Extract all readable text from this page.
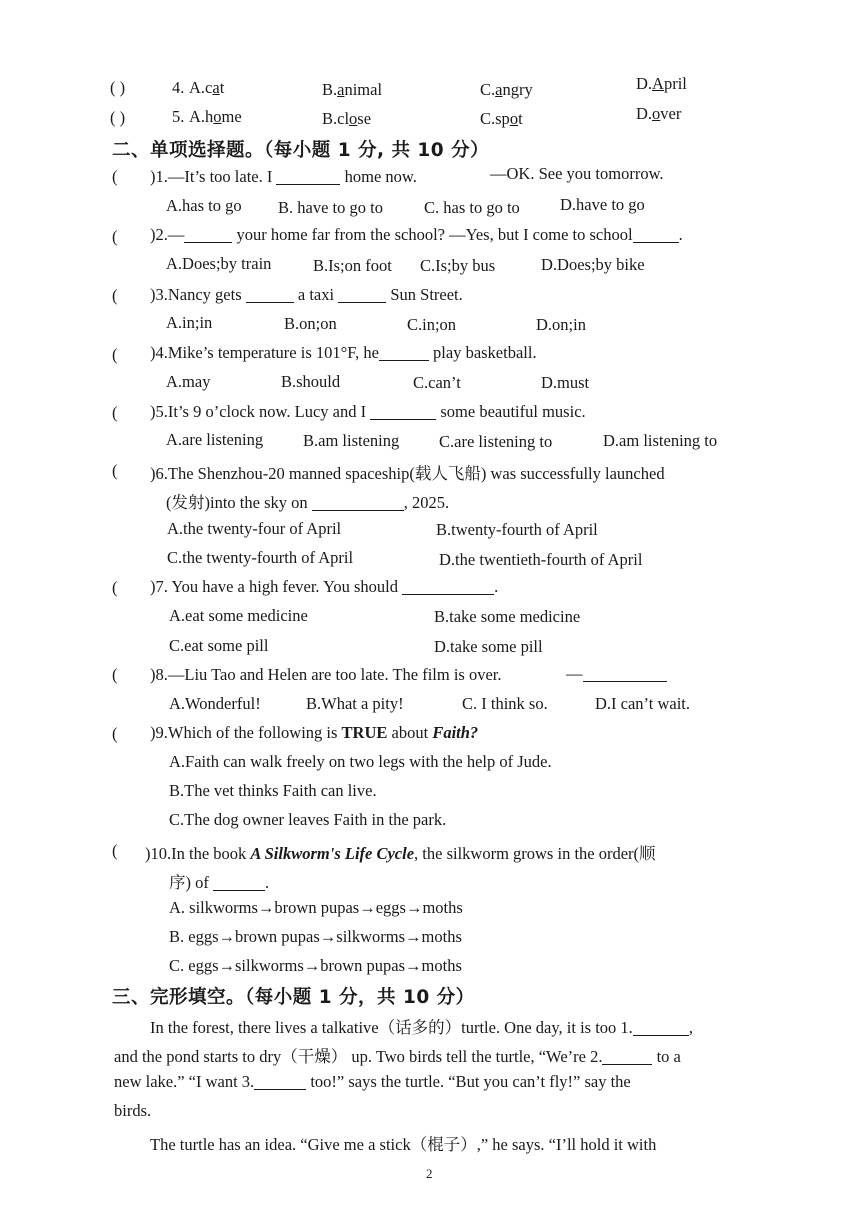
( )	4. A.cat	B.animal	C.angry	D.April
( )	5. A.home	B.close	C.spot	D.over
二、单项选择题。（每小题 1 分, 共 10 分）
( )1.—It’s too late. I	home now.	—OK. See you tomorrow.
A.has to go B. have to go to C. has to go to D.have to go
( )2.—	your home far from the school? —Yes, but I come to school	.
A.Does;by train	B.Is;on foot C.Is;by bus	D.Does;by bike
( )3.Nancy gets	a taxi	Sun Street.
A.in;in	B.on;on	C.in;on	D.on;in
( )4.Mike’s temperature is 101°F, he	play basketball.
A.may	B.should	C.can’t	D.must
( )5.It’s 9 o’clock now. Lucy and I	some beautiful music.
A.are listening B.am listening C.are listening to	D.am listening to
( )6.The Shenzhou-20 manned spaceship(载人飞船) was successfully launched
(发射)into the sky on	, 2025.
A.the twenty-four of April	B.twenty-fourth of April
C.the twenty-fourth of April	D.the twentieth-fourth of April
( )7. You have a high fever. You should	.
A.eat some medicine	B.take some medicine
C.eat some pill	D.take some pill
( )8.—Liu Tao and Helen are too late. The film is over.	—
A.Wonderful!	B.What a pity!	C. I think so.	D.I can’t wait.
( )9.Which of the following is TRUE about Faith?
A.Faith can walk freely on two legs with the help of Jude.
B.The vet thinks Faith can live.
C.The dog owner leaves Faith in the park.
( )10.In the book A Silkworm's Life Cycle, the silkworm grows in the order(顺
序) of	.
A. silkworms→brown pupas→eggs→moths
B. eggs→brown pupas→silkworms→moths
C. eggs→silkworms→brown pupas→moths
三、完形填空。（每小题 1 分，共 10 分）
In the forest, there lives a talkative（话多的）turtle. One day, it is too 1.	,
and the pond starts to dry（干燥） up. Two birds tell the turtle, “We’re 2.	to a
new lake.” “I want 3.	too!” says the turtle. “But you can’t fly!” say the
birds.
The turtle has an idea. “Give me a stick（棍子）,” he says. “I’ll hold it with
2
